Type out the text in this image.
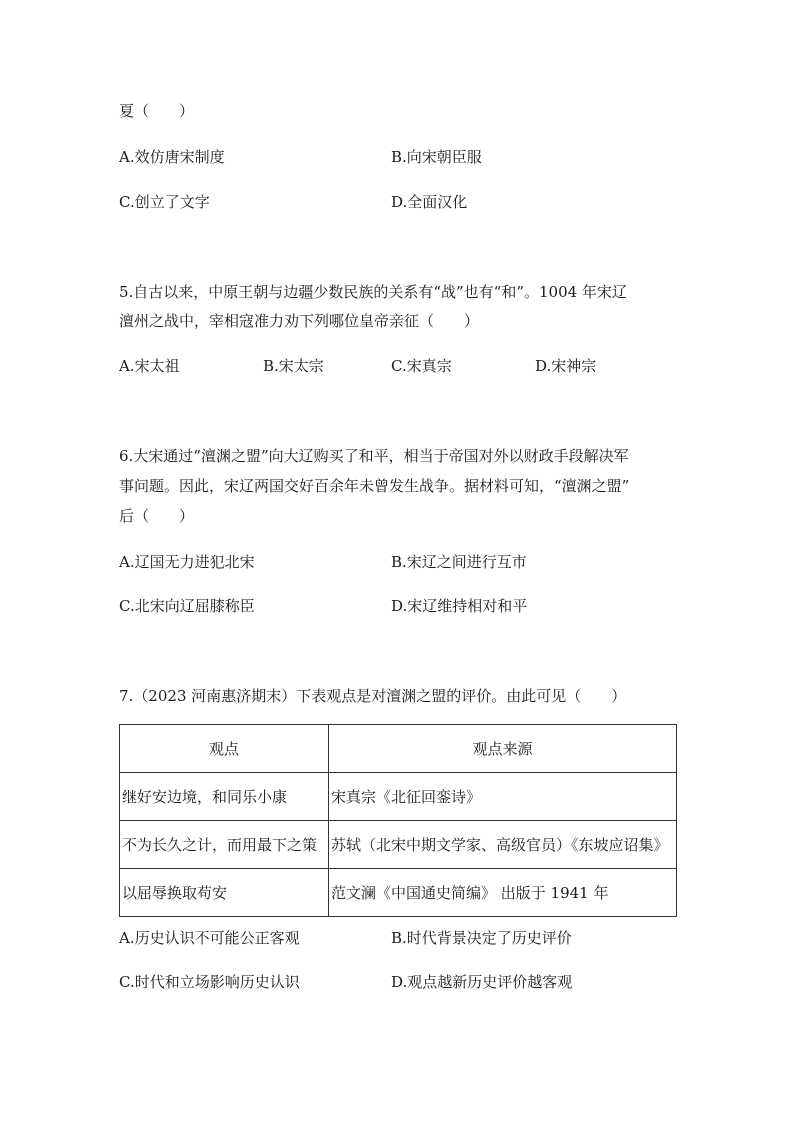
夏（　　）
A.效仿唐宋制度	B.向宋朝臣服
C.创立了文字	D.全面汉化
5.自古以来，中原王朝与边疆少数民族的关系有“战”也有“和”。1004 年宋辽
澶州之战中，宰相寇准力劝下列哪位皇帝亲征（　　）
A.宋太祖	B.宋太宗	C.宋真宗	D.宋神宗
6.大宋通过“澶渊之盟”向大辽购买了和平，相当于帝国对外以财政手段解决军
事问题。因此，宋辽两国交好百余年未曾发生战争。据材料可知，“澶渊之盟”
后（　　）
A.辽国无力进犯北宋	B.宋辽之间进行互市
C.北宋向辽屈膝称臣	D.宋辽维持相对和平
7.（2023 河南惠济期末）下表观点是对澶渊之盟的评价。由此可见（　　）
观点	观点来源
继好安边境，和同乐小康	宋真宗《北征回銮诗》
不为长久之计，而用最下之策	苏轼（北宋中期文学家、高级官员）《东坡应诏集》
以屈辱换取苟安	范文澜《中国通史简编》 出版于 1941 年
A.历史认识不可能公正客观	B.时代背景决定了历史评价
C.时代和立场影响历史认识	D.观点越新历史评价越客观
